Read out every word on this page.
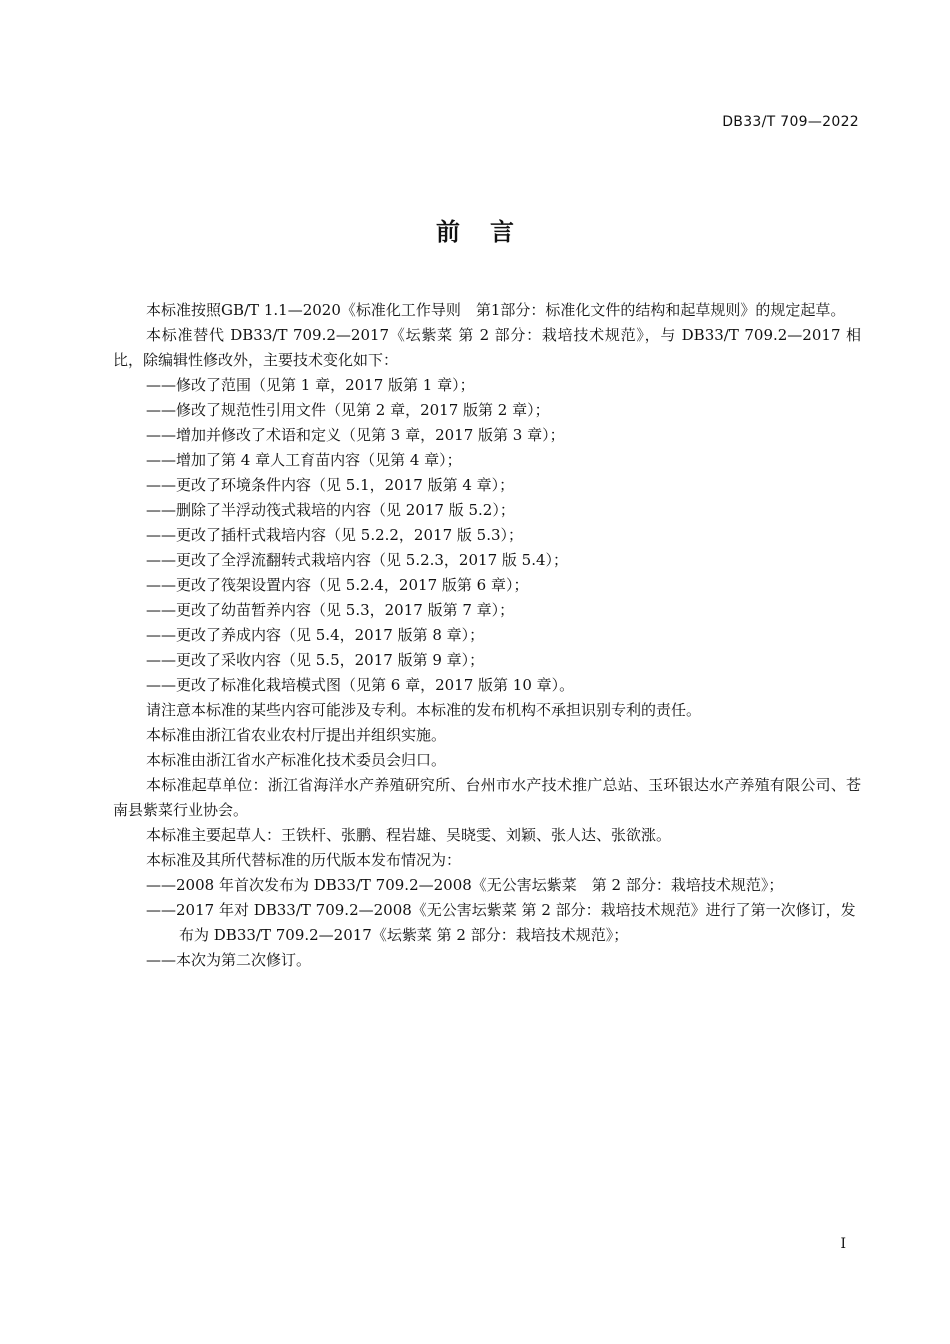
DB33/T 709—2022
前言

本标准按照GB/T 1.1—2020《标准化工作导则　第1部分：标准化文件的结构和起草规则》的规定起草。

本标准替代 DB33/T 709.2—2017《坛紫菜 第 2 部分：栽培技术规范》，与 DB33/T 709.2—2017 相比，除编辑性修改外，主要技术变化如下：

——修改了范围（见第 1 章，2017 版第 1 章）；

——修改了规范性引用文件（见第 2 章，2017 版第 2 章）；

——增加并修改了术语和定义（见第 3 章，2017 版第 3 章）；

——增加了第 4 章人工育苗内容（见第 4 章）；

——更改了环境条件内容（见 5.1，2017 版第 4 章）；

——删除了半浮动筏式栽培的内容（见 2017 版 5.2）；

——更改了插杆式栽培内容（见 5.2.2，2017 版 5.3）；

——更改了全浮流翻转式栽培内容（见 5.2.3，2017 版 5.4）；

——更改了筏架设置内容（见 5.2.4，2017 版第 6 章）；

——更改了幼苗暂养内容（见 5.3，2017 版第 7 章）；

——更改了养成内容（见 5.4，2017 版第 8 章）；

——更改了采收内容（见 5.5，2017 版第 9 章）；

——更改了标准化栽培模式图（见第 6 章，2017 版第 10 章）。

请注意本标准的某些内容可能涉及专利。本标准的发布机构不承担识别专利的责任。

本标准由浙江省农业农村厅提出并组织实施。

本标准由浙江省水产标准化技术委员会归口。

本标准起草单位：浙江省海洋水产养殖研究所、台州市水产技术推广总站、玉环银达水产养殖有限公司、苍南县紫菜行业协会。

本标准主要起草人：王铁杆、张鹏、程岩雄、吴晓雯、刘颖、张人达、张欲涨。

本标准及其所代替标准的历代版本发布情况为：

——2008 年首次发布为 DB33/T 709.2—2008《无公害坛紫菜　第 2 部分：栽培技术规范》；

——2017 年对 DB33/T 709.2—2008《无公害坛紫菜 第 2 部分：栽培技术规范》进行了第一次修订，发布为 DB33/T 709.2—2017《坛紫菜 第 2 部分：栽培技术规范》；

——本次为第二次修订。

I
